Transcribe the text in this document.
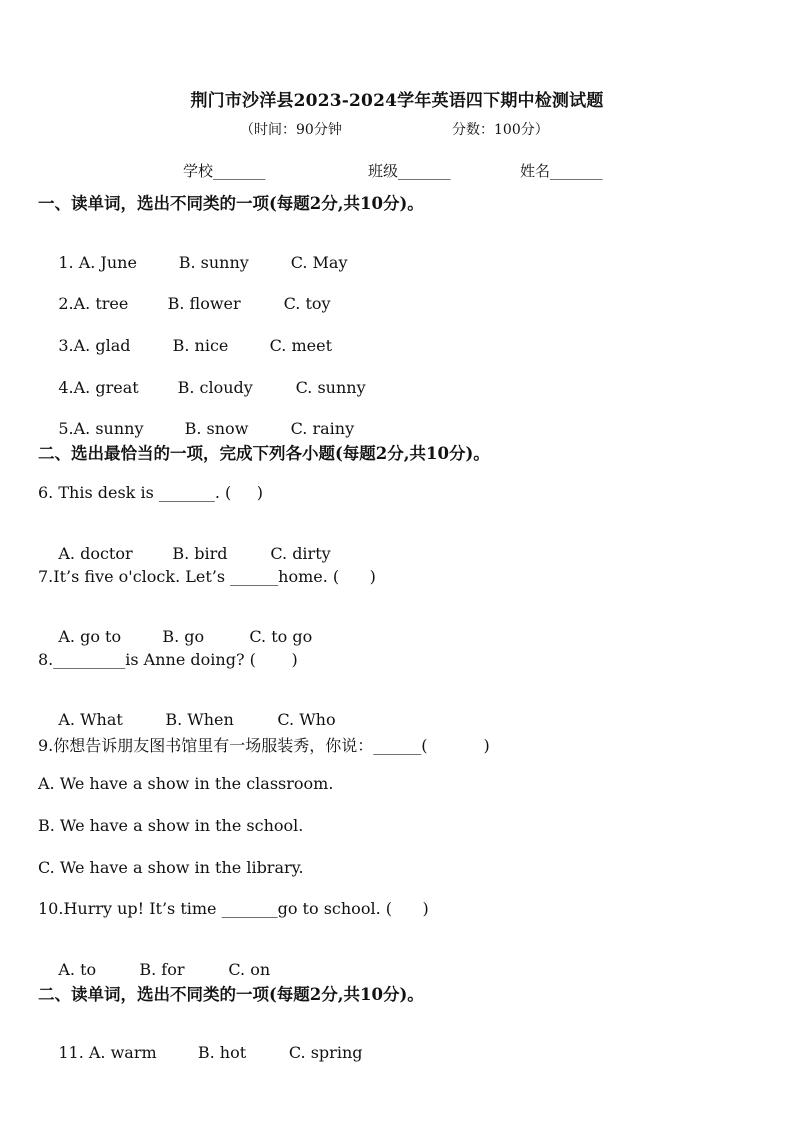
荆门市沙洋县2023-2024学年英语四下期中检测试题
（时间：90分钟	分数：100分）
学校_______	班级_______	姓名_______
一、读单词，选出不同类的一项(每题2分,共10分)。

1. A. June	B. sunny	C. May

2.A. tree B. flower	C. toy

3.A. glad	B. nice	C. meet

4.A. great B. cloudy	C. sunny

5.A. sunny	B. snow	C. rainy

二、选出最恰当的一项，完成下列各小题(每题2分,共10分)。
6. This desk is _______. (     )

A. doctor B. bird	C. dirty

7.It’s five o'clock. Let’s ______home. (      )

A. go to	B. go	C. to go

8._________is Anne doing? (       )

A. What	B. When	C. Who

9.你想告诉朋友图书馆里有一场服装秀，你说：______(           )
A. We have a show in the classroom.
B. We have a show in the school.
C. We have a show in the library.
10.Hurry up! It’s time _______go to school. (      )

A. to	B. for	C. on

二、读单词，选出不同类的一项(每题2分,共10分)。

11. A. warm	B. hot	C. spring
